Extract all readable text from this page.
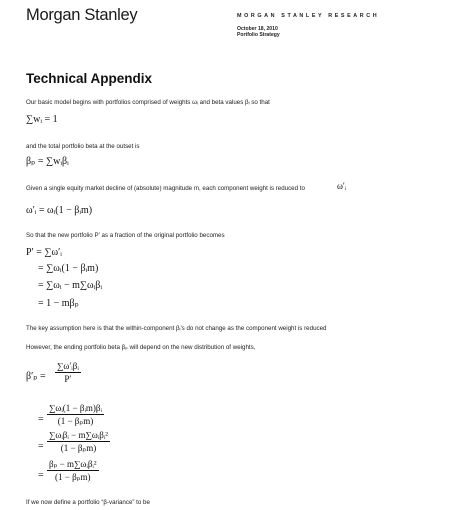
Morgan Stanley	MORGAN STANLEY RESEARCH
October 18, 2010
Portfolio Strategy
Technical Appendix
Our basic model begins with portfolios comprised of weights ωᵢ and beta values βᵢ so that
∑wᵢ = 1
and the total portfolio beta at the outset is
βₚ = ∑wᵢβᵢ
Given a single equity market decline of (absolute) magnitude m, each component weight is reduced to	ω′ᵢ
ω′ᵢ = ωᵢ(1 − βᵢm)
So that the new portfolio P’ as a fraction of the original portfolio becomes
P′ = ∑ω′ᵢ
= ∑ωᵢ(1 − βᵢm)
= ∑ωᵢ − m∑ωᵢβᵢ
= 1 − mβₚ
The key assumption here is that the within-component βᵢ's do not change as the component weight is reduced
However, the ending portfolio beta βₚ will depend on the new distribution of weights,
β′ₚ =
∑ω′ᵢβᵢ
P′
=
∑ωᵢ(1 − βᵢm)βᵢ
(1 − βₚm)
=
∑ωᵢβᵢ − m∑ωᵢβᵢ²
(1 − βₚm)
=
βₚ − m∑ωᵢβᵢ²
(1 − βₚm)
If we now define a portfolio “β-variance” to be
